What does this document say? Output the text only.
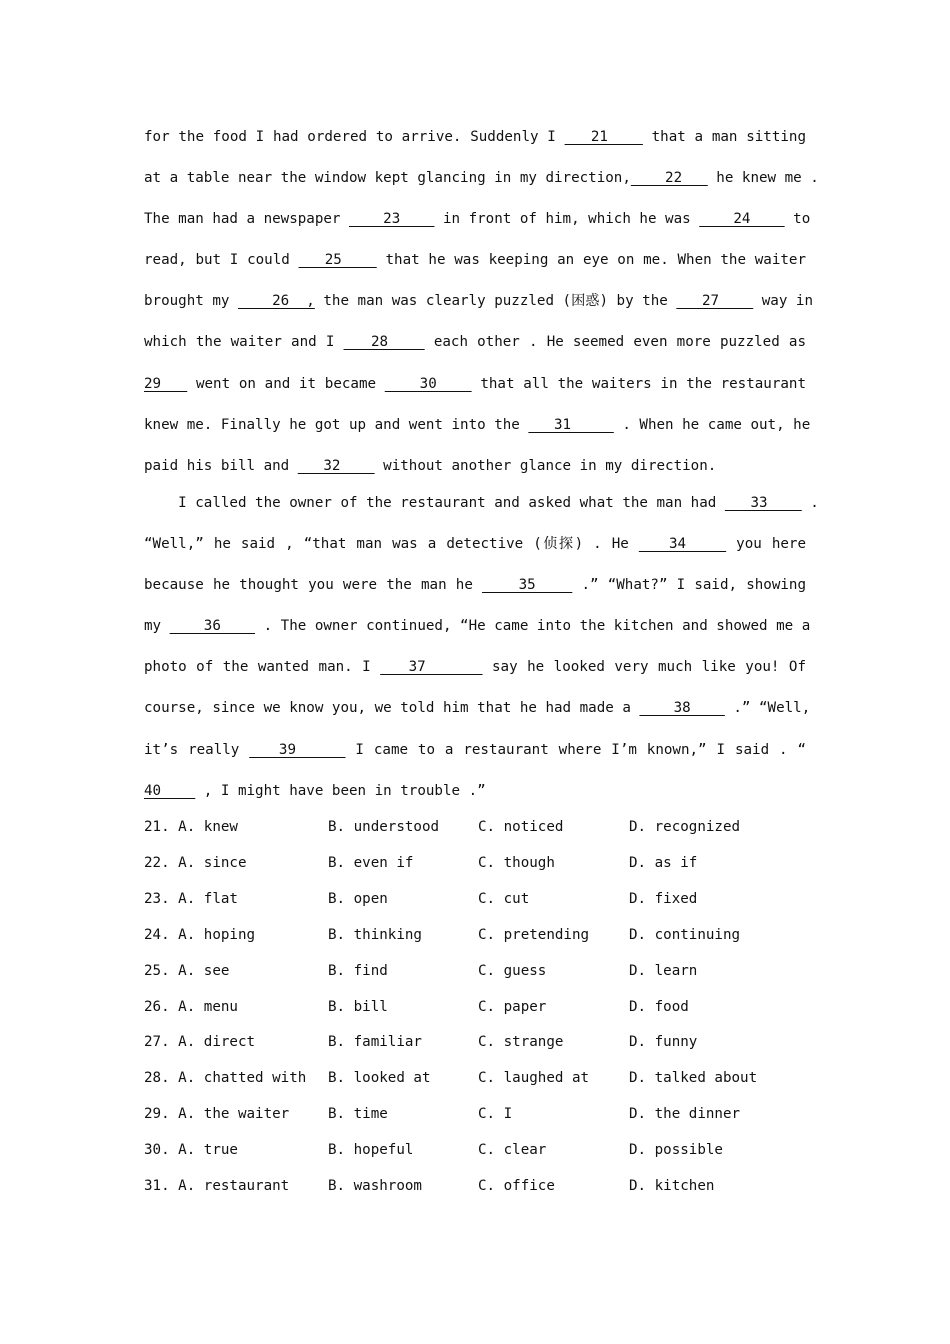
for the food I had ordered to arrive. Suddenly I    21     that a man sitting
at a table near the window kept glancing in my direction,    22    he knew me .
The man had a newspaper     23     in front of him, which he was     24     to
read, but I could    25     that he was keeping an eye on me. When the waiter
brought my     26  , the man was clearly puzzled (困惑) by the    27     way in
which the waiter and I    28     each other . He seemed even more puzzled as
29    went on and it became     30     that all the waiters in the restaurant
knew me. Finally he got up and went into the    31      . When he came out, he
paid his bill and    32     without another glance in my direction.
I called the owner of the restaurant and asked what the man had    33     .
“Well,” he said , “that man was a detective (侦探) . He    34     you here
because he thought you were the man he     35     .” “What?” I said, showing
my     36     . The owner continued, “He came into the kitchen and showed me a
photo of the wanted man. I    37       say he looked very much like you! Of
course, since we know you, we told him that he had made a     38     .” “Well,
it’s really    39      I came to a restaurant where I’m known,” I said . “
40     , I might have been in trouble .”
21. A. knew	B. understood	C. noticed	D. recognized
22. A. since	B. even if	C. though	D. as if
23. A. flat	B. open	C. cut	D. fixed
24. A. hoping	B. thinking	C. pretending	D. continuing
25. A. see	B. find	C. guess	D. learn
26. A. menu	B. bill	C. paper	D. food
27. A. direct	B. familiar	C. strange	D. funny
28. A. chatted with B. looked at	C. laughed at	D. talked about
29. A. the waiter	B. time	C. I	D. the dinner
30. A. true	B. hopeful	C. clear	D. possible
31. A. restaurant	B. washroom	C. office	D. kitchen
